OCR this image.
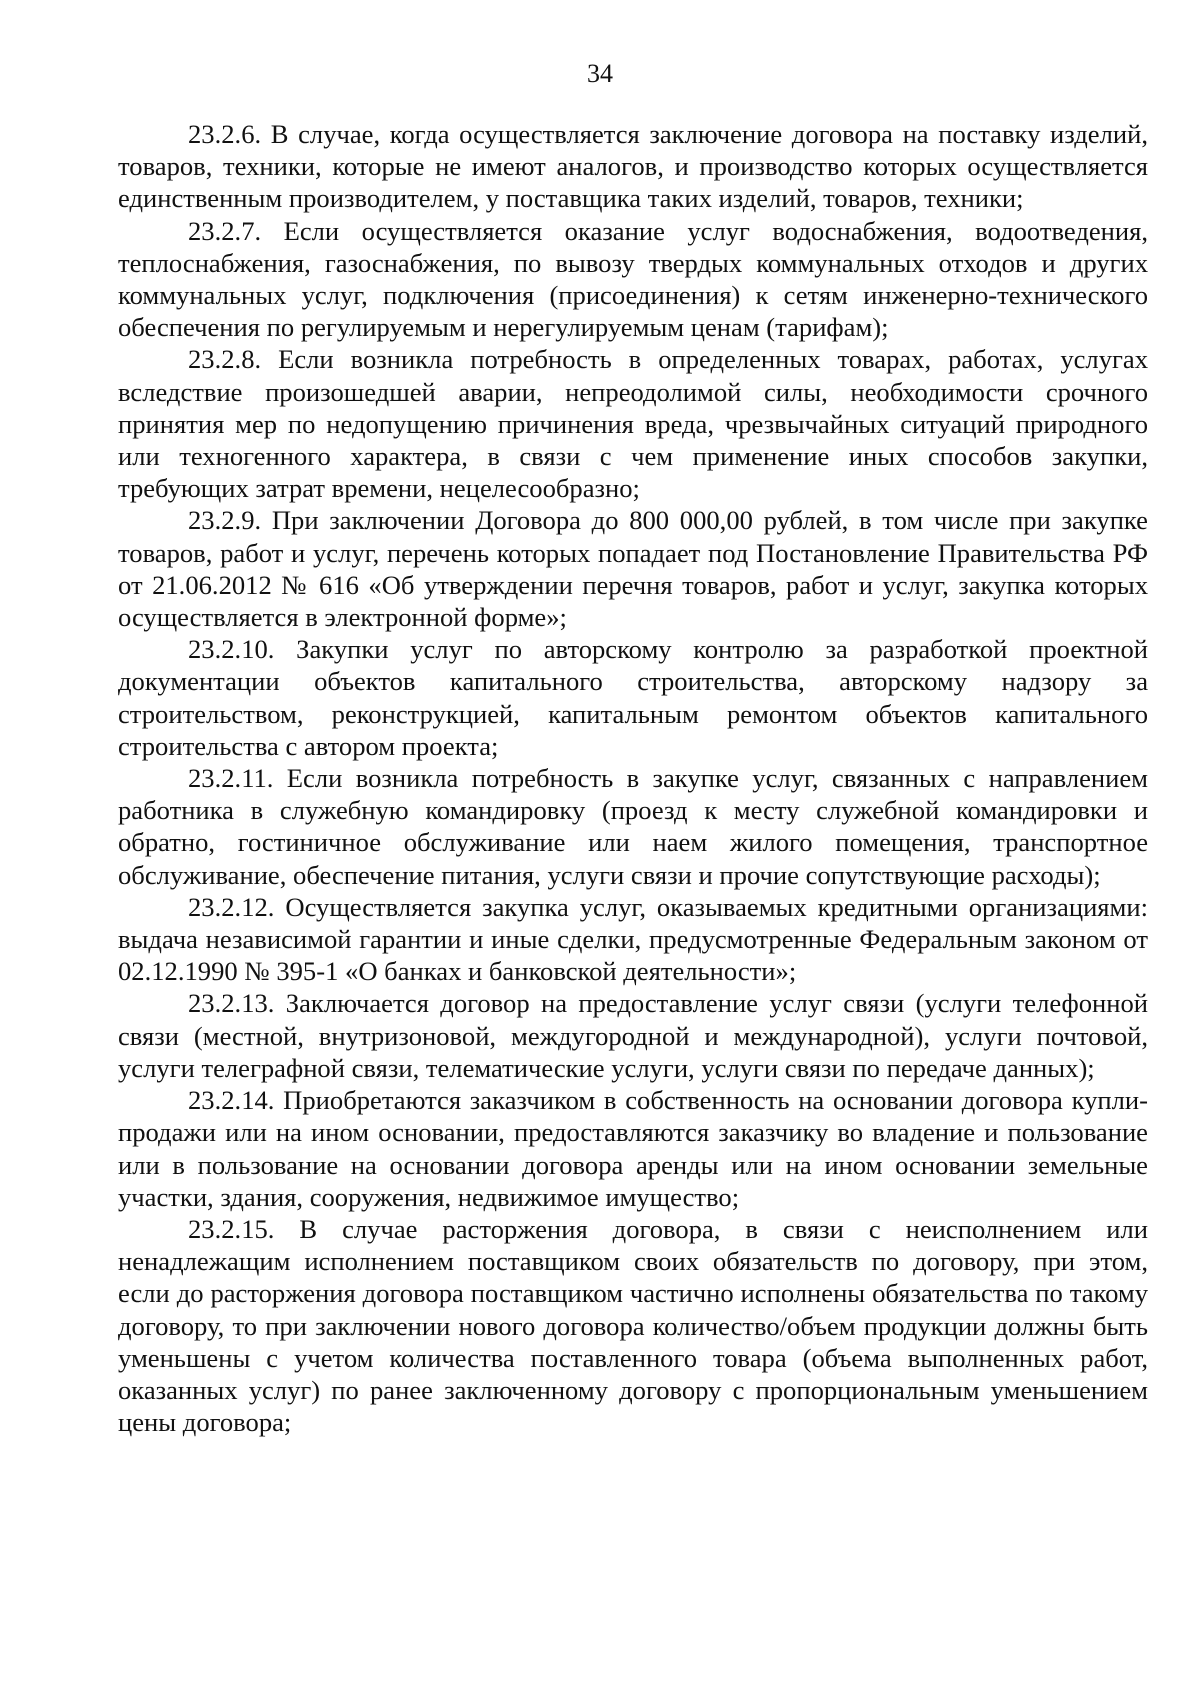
34

23.2.6. В случае, когда осуществляется заключение договора на поставку изделий, товаров, техники, которые не имеют аналогов, и производство которых осуществляется единственным производителем, у поставщика таких изделий, товаров, техники;

23.2.7. Если осуществляется оказание услуг водоснабжения, водоотведения, теплоснабжения, газоснабжения, по вывозу твердых коммунальных отходов и других коммунальных услуг, подключения (присоединения) к сетям инженерно-технического обеспечения по регулируемым и нерегулируемым ценам (тарифам);

23.2.8. Если возникла потребность в определенных товарах, работах, услугах вследствие произошедшей аварии, непреодолимой силы, необходимости срочного принятия мер по недопущению причинения вреда, чрезвычайных ситуаций природного или техногенного характера, в связи с чем применение иных способов закупки, требующих затрат времени, нецелесообразно;

23.2.9. При заключении Договора до 800 000,00 рублей, в том числе при закупке товаров, работ и услуг, перечень которых попадает под Постановление Правительства РФ от 21.06.2012 № 616 «Об утверждении перечня товаров, работ и услуг, закупка которых осуществляется в электронной форме»;

23.2.10. Закупки услуг по авторскому контролю за разработкой проектной документации объектов капитального строительства, авторскому надзору за строительством, реконструкцией, капитальным ремонтом объектов капитального строительства с автором проекта;

23.2.11. Если возникла потребность в закупке услуг, связанных с направлением работника в служебную командировку (проезд к месту служебной командировки и обратно, гостиничное обслуживание или наем жилого помещения, транспортное обслуживание, обеспечение питания, услуги связи и прочие сопутствующие расходы);

23.2.12. Осуществляется закупка услуг, оказываемых кредитными организациями: выдача независимой гарантии и иные сделки, предусмотренные Федеральным законом от 02.12.1990 № 395-1 «О банках и банковской деятельности»;

23.2.13. Заключается договор на предоставление услуг связи (услуги телефонной связи (местной, внутризоновой, междугородной и международной), услуги почтовой, услуги телеграфной связи, телематические услуги, услуги связи по передаче данных);

23.2.14. Приобретаются заказчиком в собственность на основании договора купли-продажи или на ином основании, предоставляются заказчику во владение и пользование или в пользование на основании договора аренды или на ином основании земельные участки, здания, сооружения, недвижимое имущество;

23.2.15. В случае расторжения договора, в связи с неисполнением или ненадлежащим исполнением поставщиком своих обязательств по договору, при этом, если до расторжения договора поставщиком частично исполнены обязательства по такому договору, то при заключении нового договора количество/объем продукции должны быть уменьшены с учетом количества поставленного товара (объема выполненных работ, оказанных услуг) по ранее заключенному договору с пропорциональным уменьшением цены договора;
